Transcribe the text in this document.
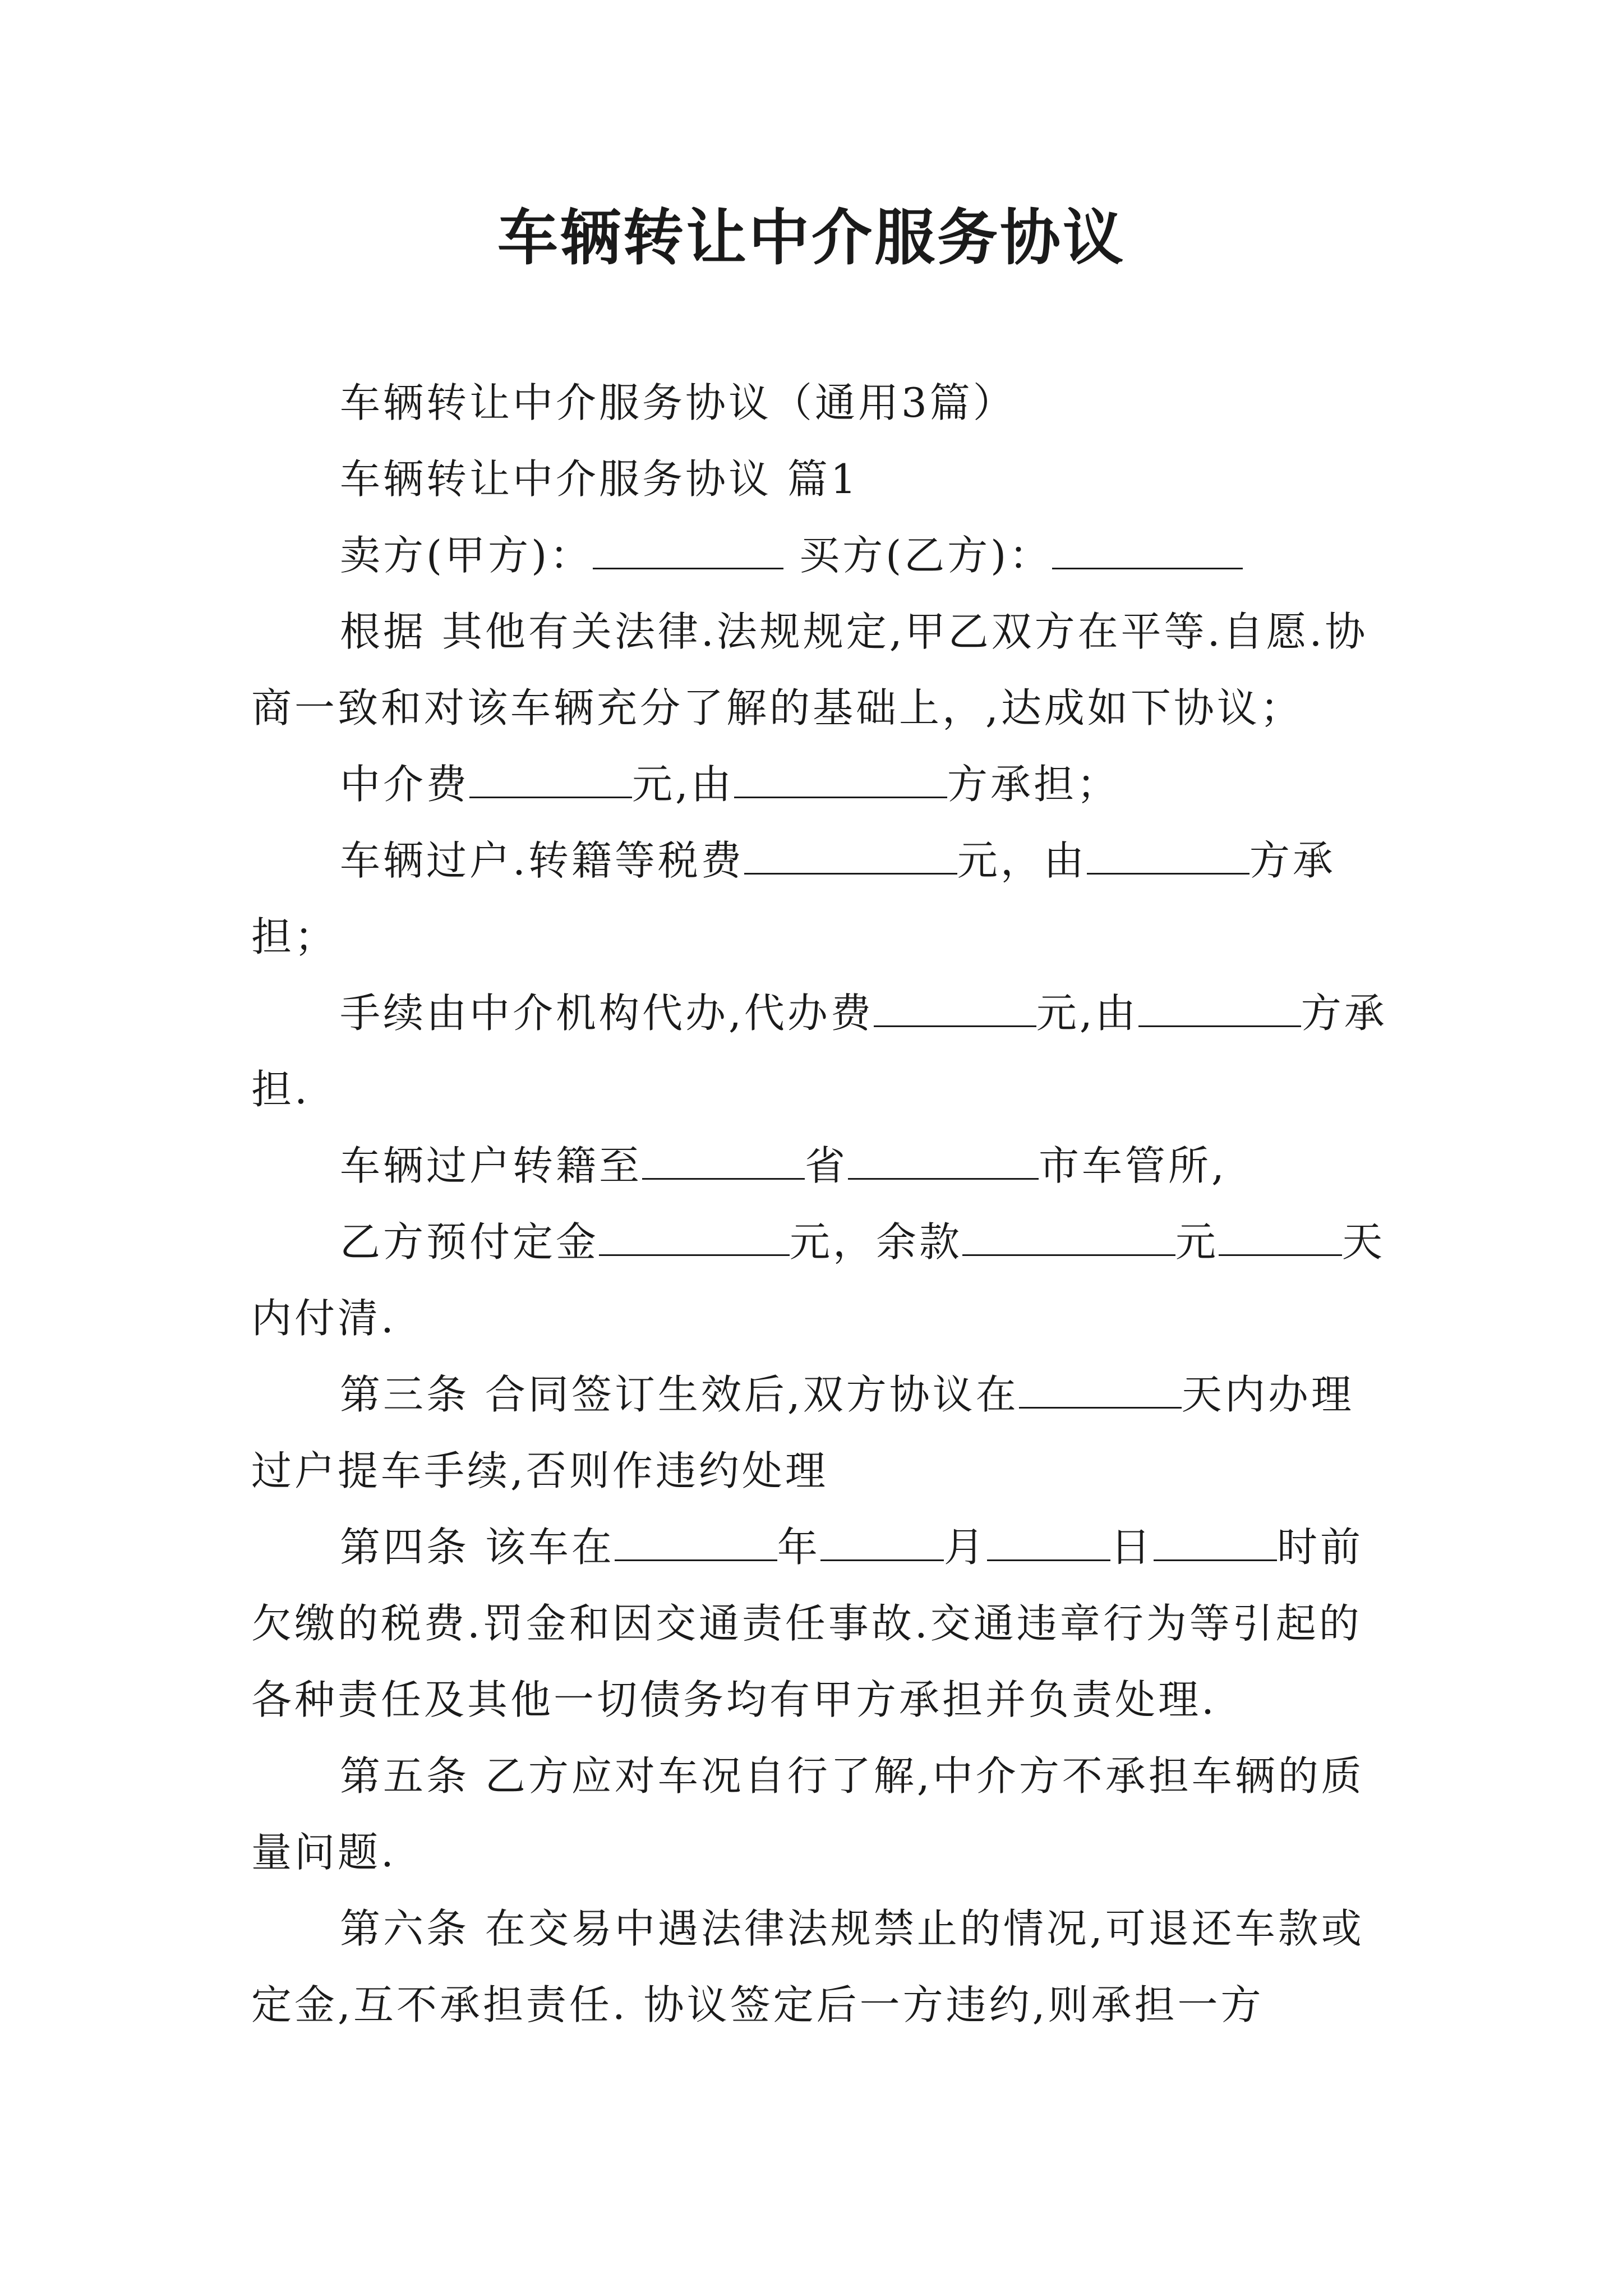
车辆转让中介服务协议

车辆转让中介服务协议（通用3篇）

车辆转让中介服务协议 篇1

卖方(甲方)：	买方(乙方)：

根据 其他有关法律.法规规定,甲乙双方在平等.自愿.协商一致和对该车辆充分了解的基础上，,达成如下协议；

中介费	元,由	方承担；

车辆过户.转籍等税费	元，由	方承担；

手续由中介机构代办,代办费	元,由	方承担.

车辆过户转籍至	省	市车管所,

乙方预付定金	元，余款	元	天内付清.

第三条 合同签订生效后,双方协议在	天内办理过户提车手续,否则作违约处理

第四条 该车在	年	月	日	时前欠缴的税费.罚金和因交通责任事故.交通违章行为等引起的各种责任及其他一切债务均有甲方承担并负责处理.

第五条 乙方应对车况自行了解,中介方不承担车辆的质量问题.

第六条 在交易中遇法律法规禁止的情况,可退还车款或定金,互不承担责任. 协议签定后一方违约,则承担一方
